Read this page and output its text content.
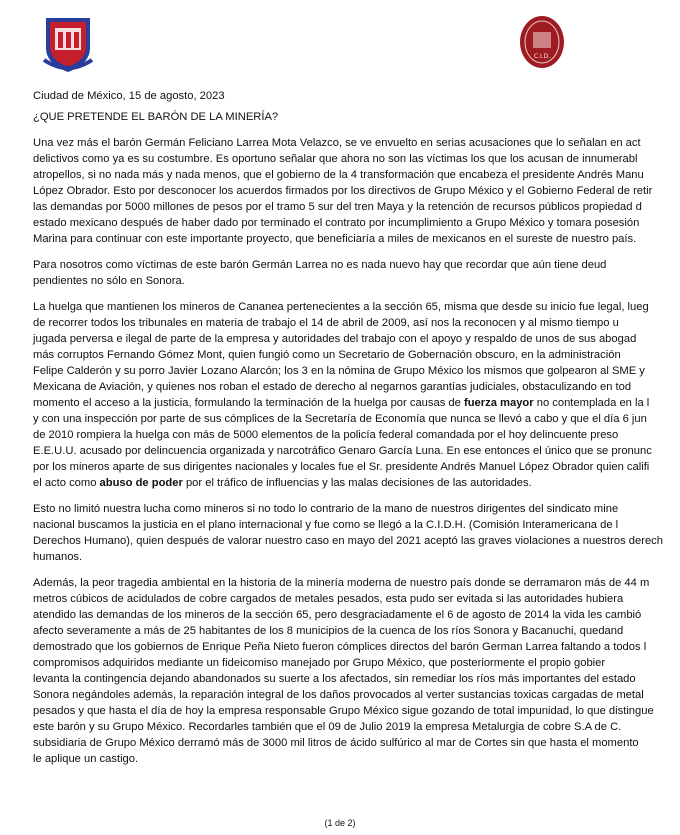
C.I.D.

Ciudad de México, 15 de agosto, 2023

¿QUE PRETENDE EL BARÓN DE LA MINERÍA?

Una vez más el barón Germán Feliciano Larrea Mota Velazco, se ve envuelto en serias acusaciones que lo señalan en act
delictivos como ya es su costumbre. Es oportuno señalar que ahora no son las víctimas los que los acusan de innumerabl
atropellos, si no nada más y nada menos, que el gobierno de la 4 transformación que encabeza el presidente Andrés Manu
López Obrador. Esto por desconocer los acuerdos firmados por los directivos de Grupo México y el Gobierno Federal de retir
las demandas por 5000 millones de pesos por el tramo 5 sur del tren Maya y la retención de recursos públicos propiedad d
estado mexicano después de haber dado por terminado el contrato por incumplimiento a Grupo México y tomara posesión
Marina para continuar con este importante proyecto, que beneficiaría a miles de mexicanos en el sureste de nuestro país.
Para nosotros como víctimas de este barón Germán Larrea no es nada nuevo hay que recordar que aún tiene deud
pendientes no sólo en Sonora.
La huelga que mantienen los mineros de Cananea pertenecientes a la sección 65, misma que desde su inicio fue legal, lueg
de recorrer todos los tribunales en materia de trabajo el 14 de abril de 2009, así nos la reconocen y al mismo tiempo u
jugada perversa e ilegal de parte de la empresa y autoridades del trabajo con el apoyo y respaldo de unos de sus abogad
más corruptos Fernando Gómez Mont, quien fungió como un Secretario de Gobernación obscuro, en la administración
Felipe Calderón y su porro Javier Lozano Alarcón; los 3 en la nómina de Grupo México los mismos que golpearon al SME y
Mexicana de Aviación, y quienes nos roban el estado de derecho al negarnos garantías judiciales, obstaculizando en tod
momento el acceso a la justicia, formulando la terminación de la huelga por causas de fuerza mayor no contemplada en la l
y con una inspección por parte de sus cómplices de la Secretaría de Economía que nunca se llevó a cabo y que el día 6 jun
de 2010 rompiera la huelga con más de 5000 elementos de la policía federal comandada por el hoy delincuente preso
E.E.U.U. acusado por delincuencia organizada y narcotráfico Genaro García Luna. En ese entonces el único que se pronunc
por los mineros aparte de sus dirigentes nacionales y locales fue el Sr. presidente Andrés Manuel López Obrador quien califi
el acto como abuso de poder por el tráfico de influencias y las malas decisiones de las autoridades.
Esto no limitó nuestra lucha como mineros si no todo lo contrario de la mano de nuestros dirigentes del sindicato mine
nacional buscamos la justicia en el plano internacional y fue como se llegó a la C.I.D.H. (Comisión Interamericana de l
Derechos Humano), quien después de valorar nuestro caso en mayo del 2021 aceptó las graves violaciones a nuestros derech
humanos.
Además, la peor tragedia ambiental en la historia de la minería moderna de nuestro país donde se derramaron más de 44 m
metros cúbicos de acidulados de cobre cargados de metales pesados, esta pudo ser evitada si las autoridades hubiera
atendido las demandas de los mineros de la sección 65, pero desgraciadamente el 6 de agosto de 2014 la vida les cambió
afecto severamente a más de 25 habitantes de los 8 municipios de la cuenca de los ríos Sonora y Bacanuchi, quedand
demostrado que los gobiernos de Enrique Peña Nieto fueron cómplices directos del barón German Larrea faltando a todos l
compromisos adquiridos mediante un fideicomiso manejado por Grupo México, que posteriormente el propio gobier
levanta la contingencia dejando abandonados su suerte a los afectados, sin remediar los ríos más importantes del estado
Sonora negándoles además, la reparación integral de los daños provocados al verter sustancias toxicas cargadas de metal
pesados y que hasta el día de hoy la empresa responsable Grupo México sigue gozando de total impunidad, lo que distingue
este barón y su Grupo México. Recordarles también que el 09 de Julio 2019 la empresa Metalurgia de cobre S.A de C.
subsidiaria de Grupo México derramó más de 3000 mil litros de ácido sulfúrico al mar de Cortes sin que hasta el momento
le aplique un castigo.
(1 de 2)
